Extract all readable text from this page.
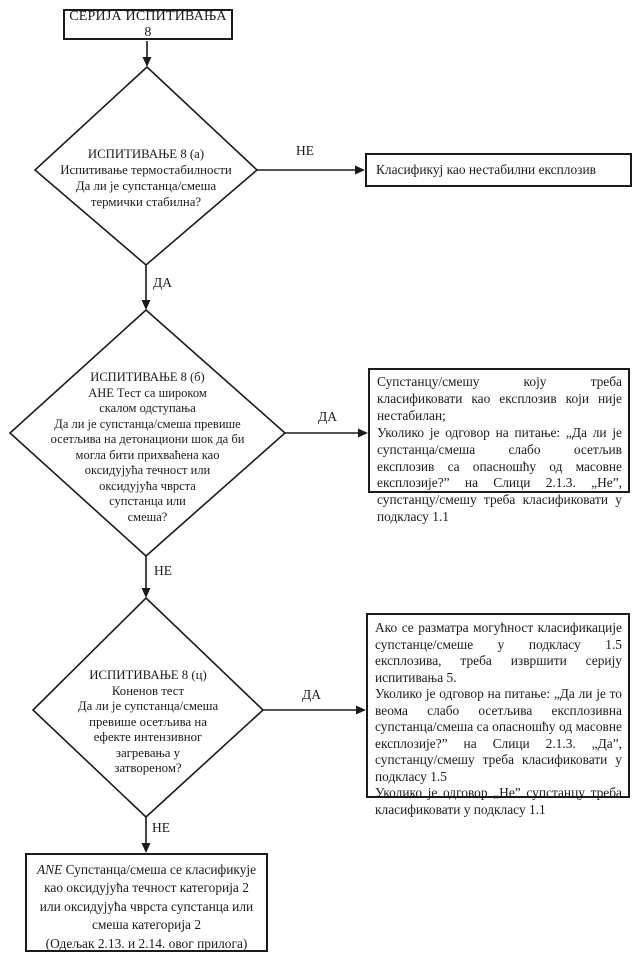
СЕРИЈА ИСПИТИВАЊА 8
ИСПИТИВАЊЕ 8 (а)
Испитивање термостабилности
Да ли је супстанца/смеша
термички стабилна?
ИСПИТИВАЊЕ 8 (б)
АНЕ Тест са широком
скалом одступања
Да ли је супстанца/смеша превише
осетљива на детонациони шок да би
могла бити прихваћена као
оксидујућа течност или
оксидујућа чврста
супстанца или
смеша?
ИСПИТИВАЊЕ 8 (ц)
Коненов тест
Да ли је супстанца/смеша
превише осетљива на
ефекте интензивног
загревања у
затвореном?
НЕ
ДА
ДА
НЕ
ДА
НЕ
Класификуј као нестабилни експлозив

Супстанцу/смешу коју треба класификовати као експлозив који није нестабилан;

Уколико је одговор на питање: „Да ли је супстанца/смеша слабо осетљив експлозив са опасношћу од масовне експлозије?” на Слици 2.1.3. „Не”, супстанцу/смешу треба класификовати у подкласу 1.1

Ако се разматра могућност класификације супстанце/смеше у подкласу 1.5 експлозива, треба извршити серију испитивања 5.

Уколико је одговор на питање: „Да ли је то веома слабо осетљива експлозивна супстанца/смеша са опасношћу од масовне експлозије?” на Слици 2.1.3. „Да”, супстанцу/смешу треба класификовати у подкласу 1.5

Уколико је одговор „Не” супстанцу треба класификовати у подкласу 1.1

ANE Супстанца/смеша се класификује као оксидујућа течност категорија 2 или оксидујућа чврста супстанца или смеша категорија 2

(Одељак 2.13. и 2.14. овог прилога)
